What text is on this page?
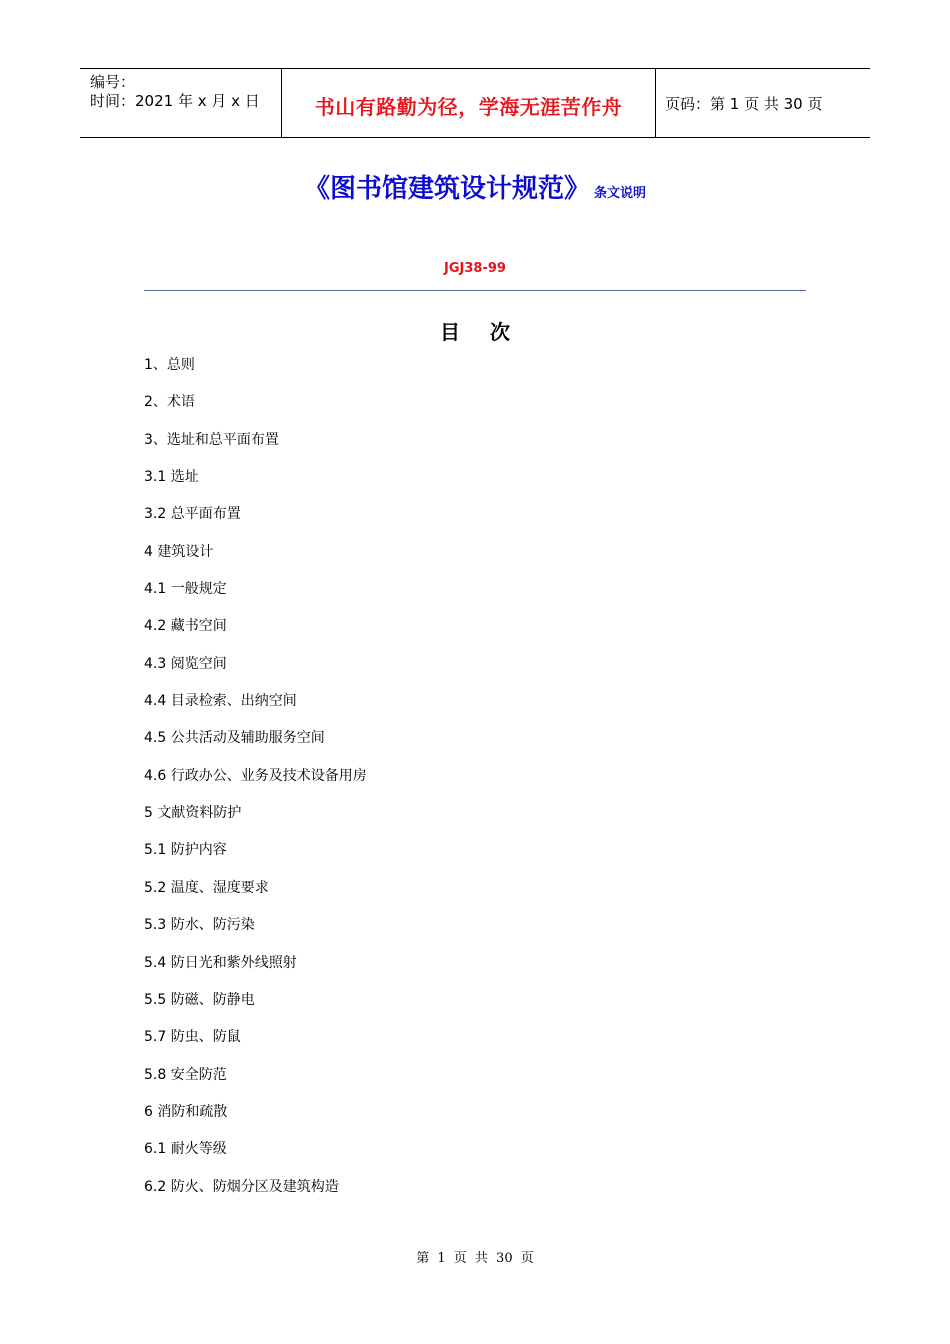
编号：
时间：2021 年 x 月 x 日	书山有路勤为径，学海无涯苦作舟	页码：第 1 页 共 30 页
《图书馆建筑设计规范》 条文说明
JGJ38-99
目次
1、总则
2、术语
3、选址和总平面布置
3.1 选址
3.2 总平面布置
4 建筑设计
4.1 一般规定
4.2 藏书空间
4.3 阅览空间
4.4 目录检索、出纳空间
4.5 公共活动及辅助服务空间
4.6 行政办公、业务及技术设备用房
5 文献资料防护
5.1 防护内容
5.2 温度、湿度要求
5.3 防水、防污染
5.4 防日光和紫外线照射
5.5 防磁、防静电
5.7 防虫、防鼠
5.8 安全防范
6 消防和疏散
6.1 耐火等级
6.2 防火、防烟分区及建筑构造
第 1 页 共 30 页
